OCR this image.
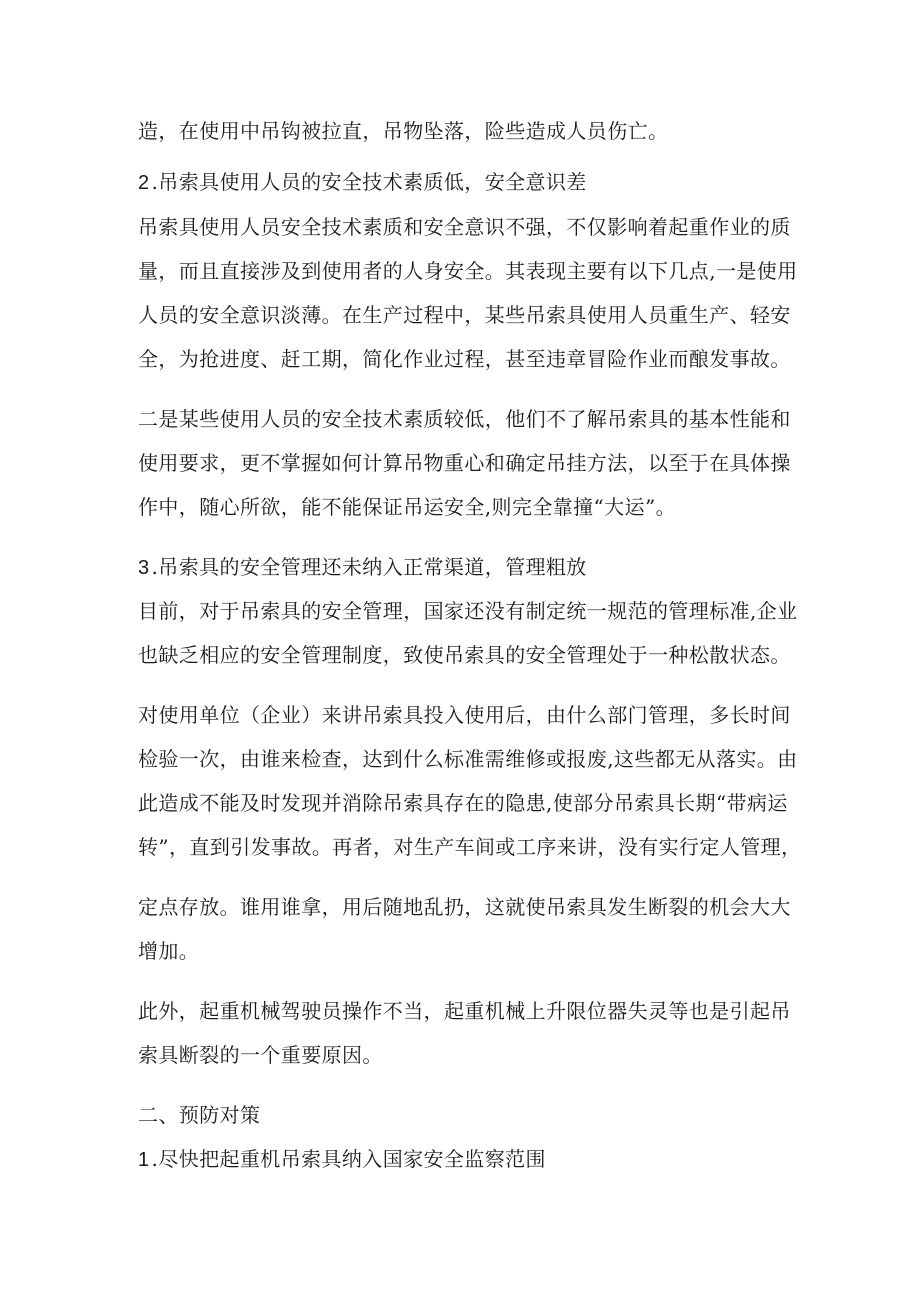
造，在使用中吊钩被拉直，吊物坠落，险些造成人员伤亡。
2 .吊索具使用人员的安全技术素质低，安全意识差
吊索具使用人员安全技术素质和安全意识不强，不仅影响着起重作业的质
量，而且直接涉及到使用者的人身安全。其表现主要有以下几点,一是使用
人员的安全意识淡薄。在生产过程中，某些吊索具使用人员重生产、轻安
全，为抢进度、赶工期，简化作业过程，甚至违章冒险作业而酿发事故。
二是某些使用人员的安全技术素质较低，他们不了解吊索具的基本性能和
使用要求，更不掌握如何计算吊物重心和确定吊挂方法，以至于在具体操
作中，随心所欲，能不能保证吊运安全,则完全靠撞“大运”。
3 .吊索具的安全管理还未纳入正常渠道，管理粗放
目前，对于吊索具的安全管理，国家还没有制定统一规范的管理标准,企业
也缺乏相应的安全管理制度，致使吊索具的安全管理处于一种松散状态。
对使用单位（企业）来讲吊索具投入使用后，由什么部门管理，多长时间
检验一次，由谁来检查，达到什么标准需维修或报废,这些都无从落实。由
此造成不能及时发现并消除吊索具存在的隐患,使部分吊索具长期“带病运
转”，直到引发事故。再者，对生产车间或工序来讲，没有实行定人管理，
定点存放。谁用谁拿，用后随地乱扔，这就使吊索具发生断裂的机会大大
增加。
此外，起重机械驾驶员操作不当，起重机械上升限位器失灵等也是引起吊
索具断裂的一个重要原因。
二、预防对策
1 .尽快把起重机吊索具纳入国家安全监察范围
